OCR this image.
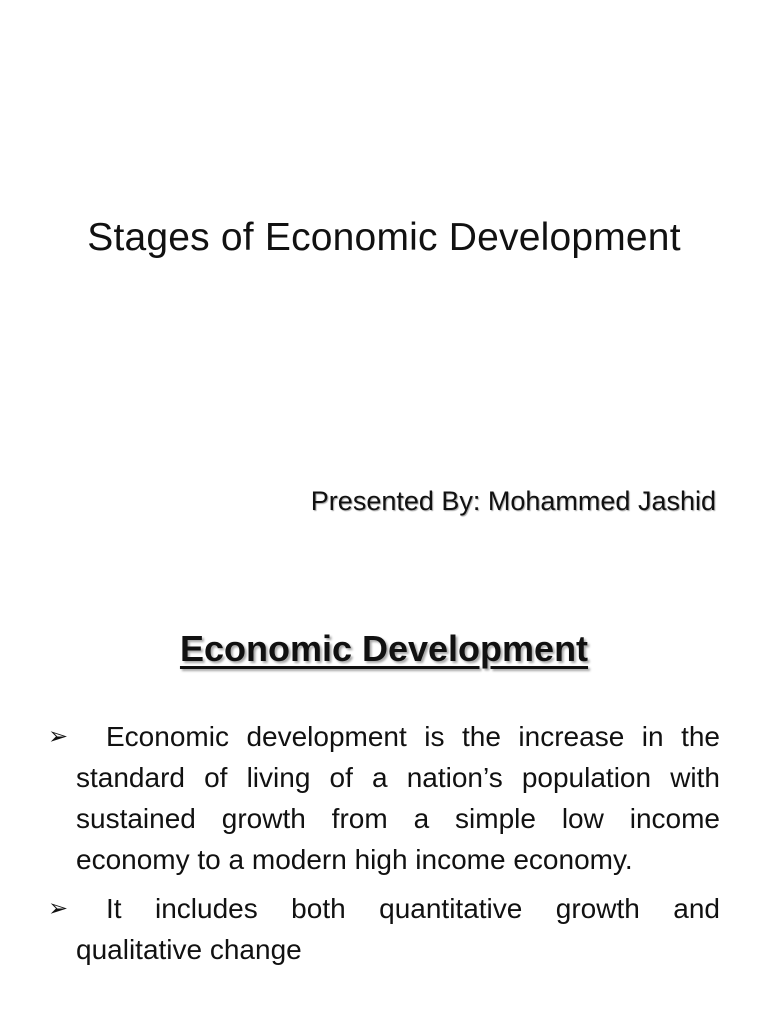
Stages of Economic Development
Presented By: Mohammed Jashid
Economic Development
➢	Economic development is the increase in the standard of living of a nation’s population with sustained growth from a simple low income economy to a modern high income economy.
➢	It includes both quantitative growth and qualitative change
